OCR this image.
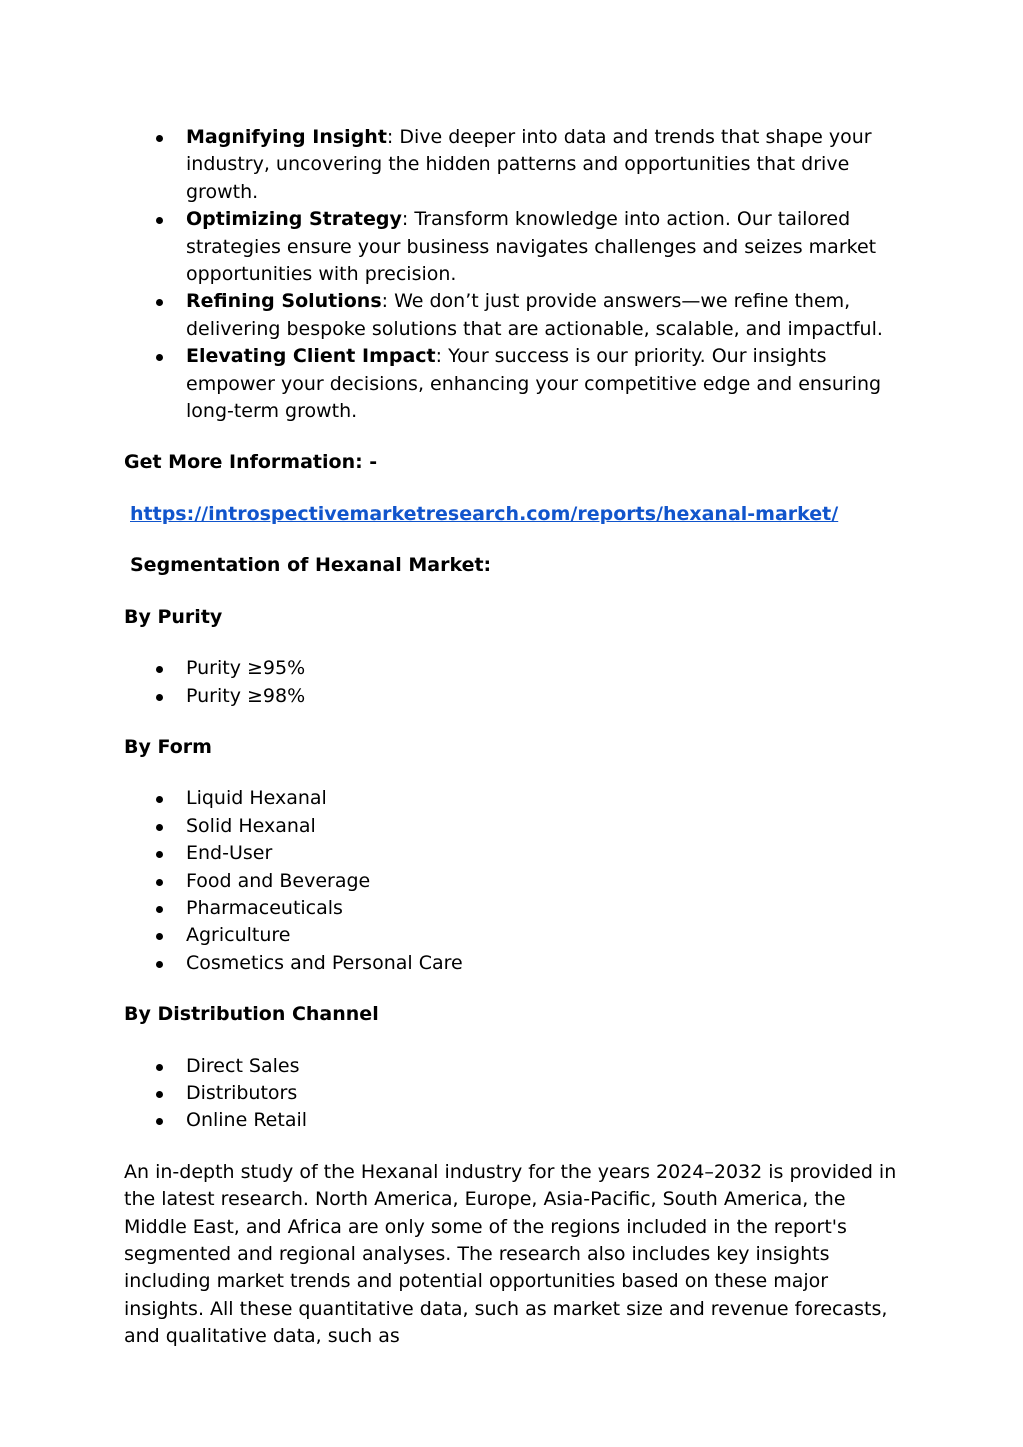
Magnifying Insight: Dive deeper into data and trends that shape your industry, uncovering the hidden patterns and opportunities that drive growth.
Optimizing Strategy: Transform knowledge into action. Our tailored strategies ensure your business navigates challenges and seizes market opportunities with precision.
Refining Solutions: We don’t just provide answers—we refine them, delivering bespoke solutions that are actionable, scalable, and impactful.
Elevating Client Impact: Your success is our priority. Our insights empower your decisions, enhancing your competitive edge and ensuring long-term growth.

Get More Information: -

https://introspectivemarketresearch.com/reports/hexanal-market/

Segmentation of Hexanal Market:

By Purity

Purity ≥95%
Purity ≥98%

By Form

Liquid Hexanal
Solid Hexanal
End-User
Food and Beverage
Pharmaceuticals
Agriculture
Cosmetics and Personal Care

By Distribution Channel

Direct Sales
Distributors
Online Retail

An in-depth study of the Hexanal industry for the years 2024–2032 is provided in the latest research. North America, Europe, Asia-Pacific, South America, the Middle East, and Africa are only some of the regions included in the report's segmented and regional analyses. The research also includes key insights including market trends and potential opportunities based on these major insights. All these quantitative data, such as market size and revenue forecasts, and qualitative data, such as
